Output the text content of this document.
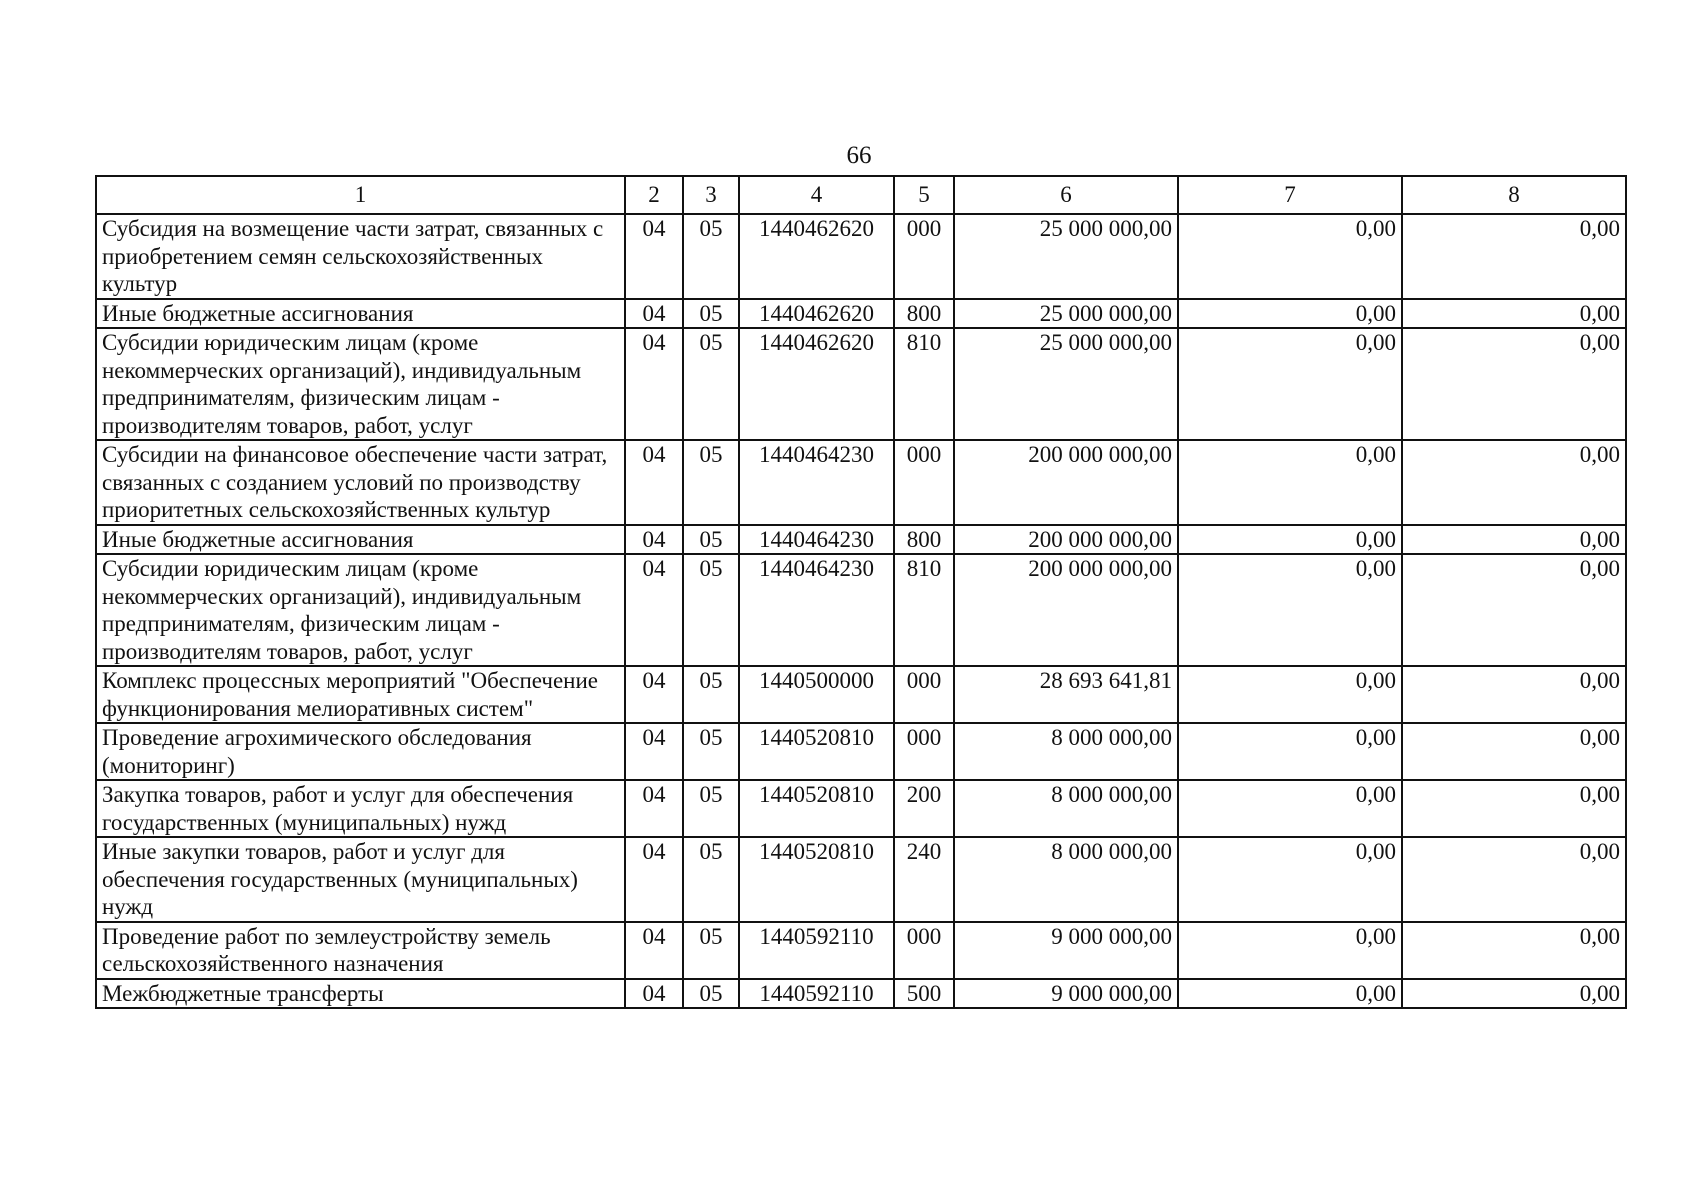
66
1	2	3	4	5	6	7	8
Субсидия на возмещение части затрат, связанных с приобретением семян сельскохозяйственных культур	04	05	1440462620	000	25 000 000,00	0,00	0,00
Иные бюджетные ассигнования	04	05	1440462620	800	25 000 000,00	0,00	0,00
Субсидии юридическим лицам (кроме некоммерческих организаций), индивидуальным предпринимателям, физическим лицам - производителям товаров, работ, услуг	04	05	1440462620	810	25 000 000,00	0,00	0,00
Субсидии на финансовое обеспечение части затрат, связанных с созданием условий по производству приоритетных сельскохозяйственных культур	04	05	1440464230	000	200 000 000,00	0,00	0,00
Иные бюджетные ассигнования	04	05	1440464230	800	200 000 000,00	0,00	0,00
Субсидии юридическим лицам (кроме некоммерческих организаций), индивидуальным предпринимателям, физическим лицам - производителям товаров, работ, услуг	04	05	1440464230	810	200 000 000,00	0,00	0,00
Комплекс процессных мероприятий "Обеспечение функционирования мелиоративных систем"	04	05	1440500000	000	28 693 641,81	0,00	0,00
Проведение агрохимического обследования (мониторинг)	04	05	1440520810	000	8 000 000,00	0,00	0,00
Закупка товаров, работ и услуг для обеспечения государственных (муниципальных) нужд	04	05	1440520810	200	8 000 000,00	0,00	0,00
Иные закупки товаров, работ и услуг для обеспечения государственных (муниципальных) нужд	04	05	1440520810	240	8 000 000,00	0,00	0,00
Проведение работ по землеустройству земель сельскохозяйственного назначения	04	05	1440592110	000	9 000 000,00	0,00	0,00
Межбюджетные трансферты	04	05	1440592110	500	9 000 000,00	0,00	0,00
